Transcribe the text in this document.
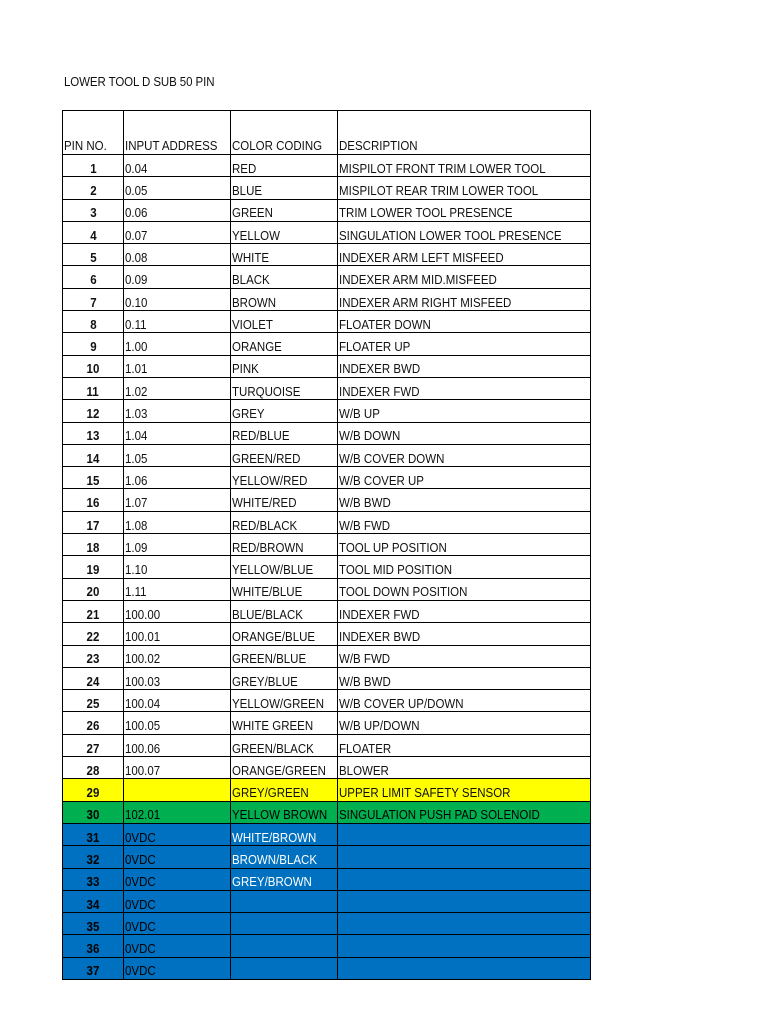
LOWER TOOL D SUB 50 PIN
PIN NO.	INPUT ADDRESS	COLOR CODING	DESCRIPTION
1	0.04	RED	MISPILOT FRONT TRIM LOWER TOOL
2	0.05	BLUE	MISPILOT REAR TRIM LOWER TOOL
3	0.06	GREEN	TRIM LOWER TOOL PRESENCE
4	0.07	YELLOW	SINGULATION LOWER TOOL PRESENCE
5	0.08	WHITE	INDEXER ARM LEFT MISFEED
6	0.09	BLACK	INDEXER ARM MID.MISFEED
7	0.10	BROWN	INDEXER ARM RIGHT MISFEED
8	0.11	VIOLET	FLOATER DOWN
9	1.00	ORANGE	FLOATER UP
10	1.01	PINK	INDEXER BWD
11	1.02	TURQUOISE	INDEXER FWD
12	1.03	GREY	W/B UP
13	1.04	RED/BLUE	W/B DOWN
14	1.05	GREEN/RED	W/B COVER DOWN
15	1.06	YELLOW/RED	W/B COVER UP
16	1.07	WHITE/RED	W/B BWD
17	1.08	RED/BLACK	W/B FWD
18	1.09	RED/BROWN	TOOL UP POSITION
19	1.10	YELLOW/BLUE	TOOL MID POSITION
20	1.11	WHITE/BLUE	TOOL DOWN POSITION
21	100.00	BLUE/BLACK	INDEXER FWD
22	100.01	ORANGE/BLUE	INDEXER BWD
23	100.02	GREEN/BLUE	W/B FWD
24	100.03	GREY/BLUE	W/B BWD
25	100.04	YELLOW/GREEN	W/B COVER UP/DOWN
26	100.05	WHITE GREEN	W/B UP/DOWN
27	100.06	GREEN/BLACK	FLOATER
28	100.07	ORANGE/GREEN	BLOWER
29		GREY/GREEN	UPPER LIMIT SAFETY SENSOR
30	102.01	YELLOW BROWN	SINGULATION PUSH PAD SOLENOID
31	0VDC	WHITE/BROWN	
32	0VDC	BROWN/BLACK	
33	0VDC	GREY/BROWN	
34	0VDC		
35	0VDC		
36	0VDC		
37	0VDC		
